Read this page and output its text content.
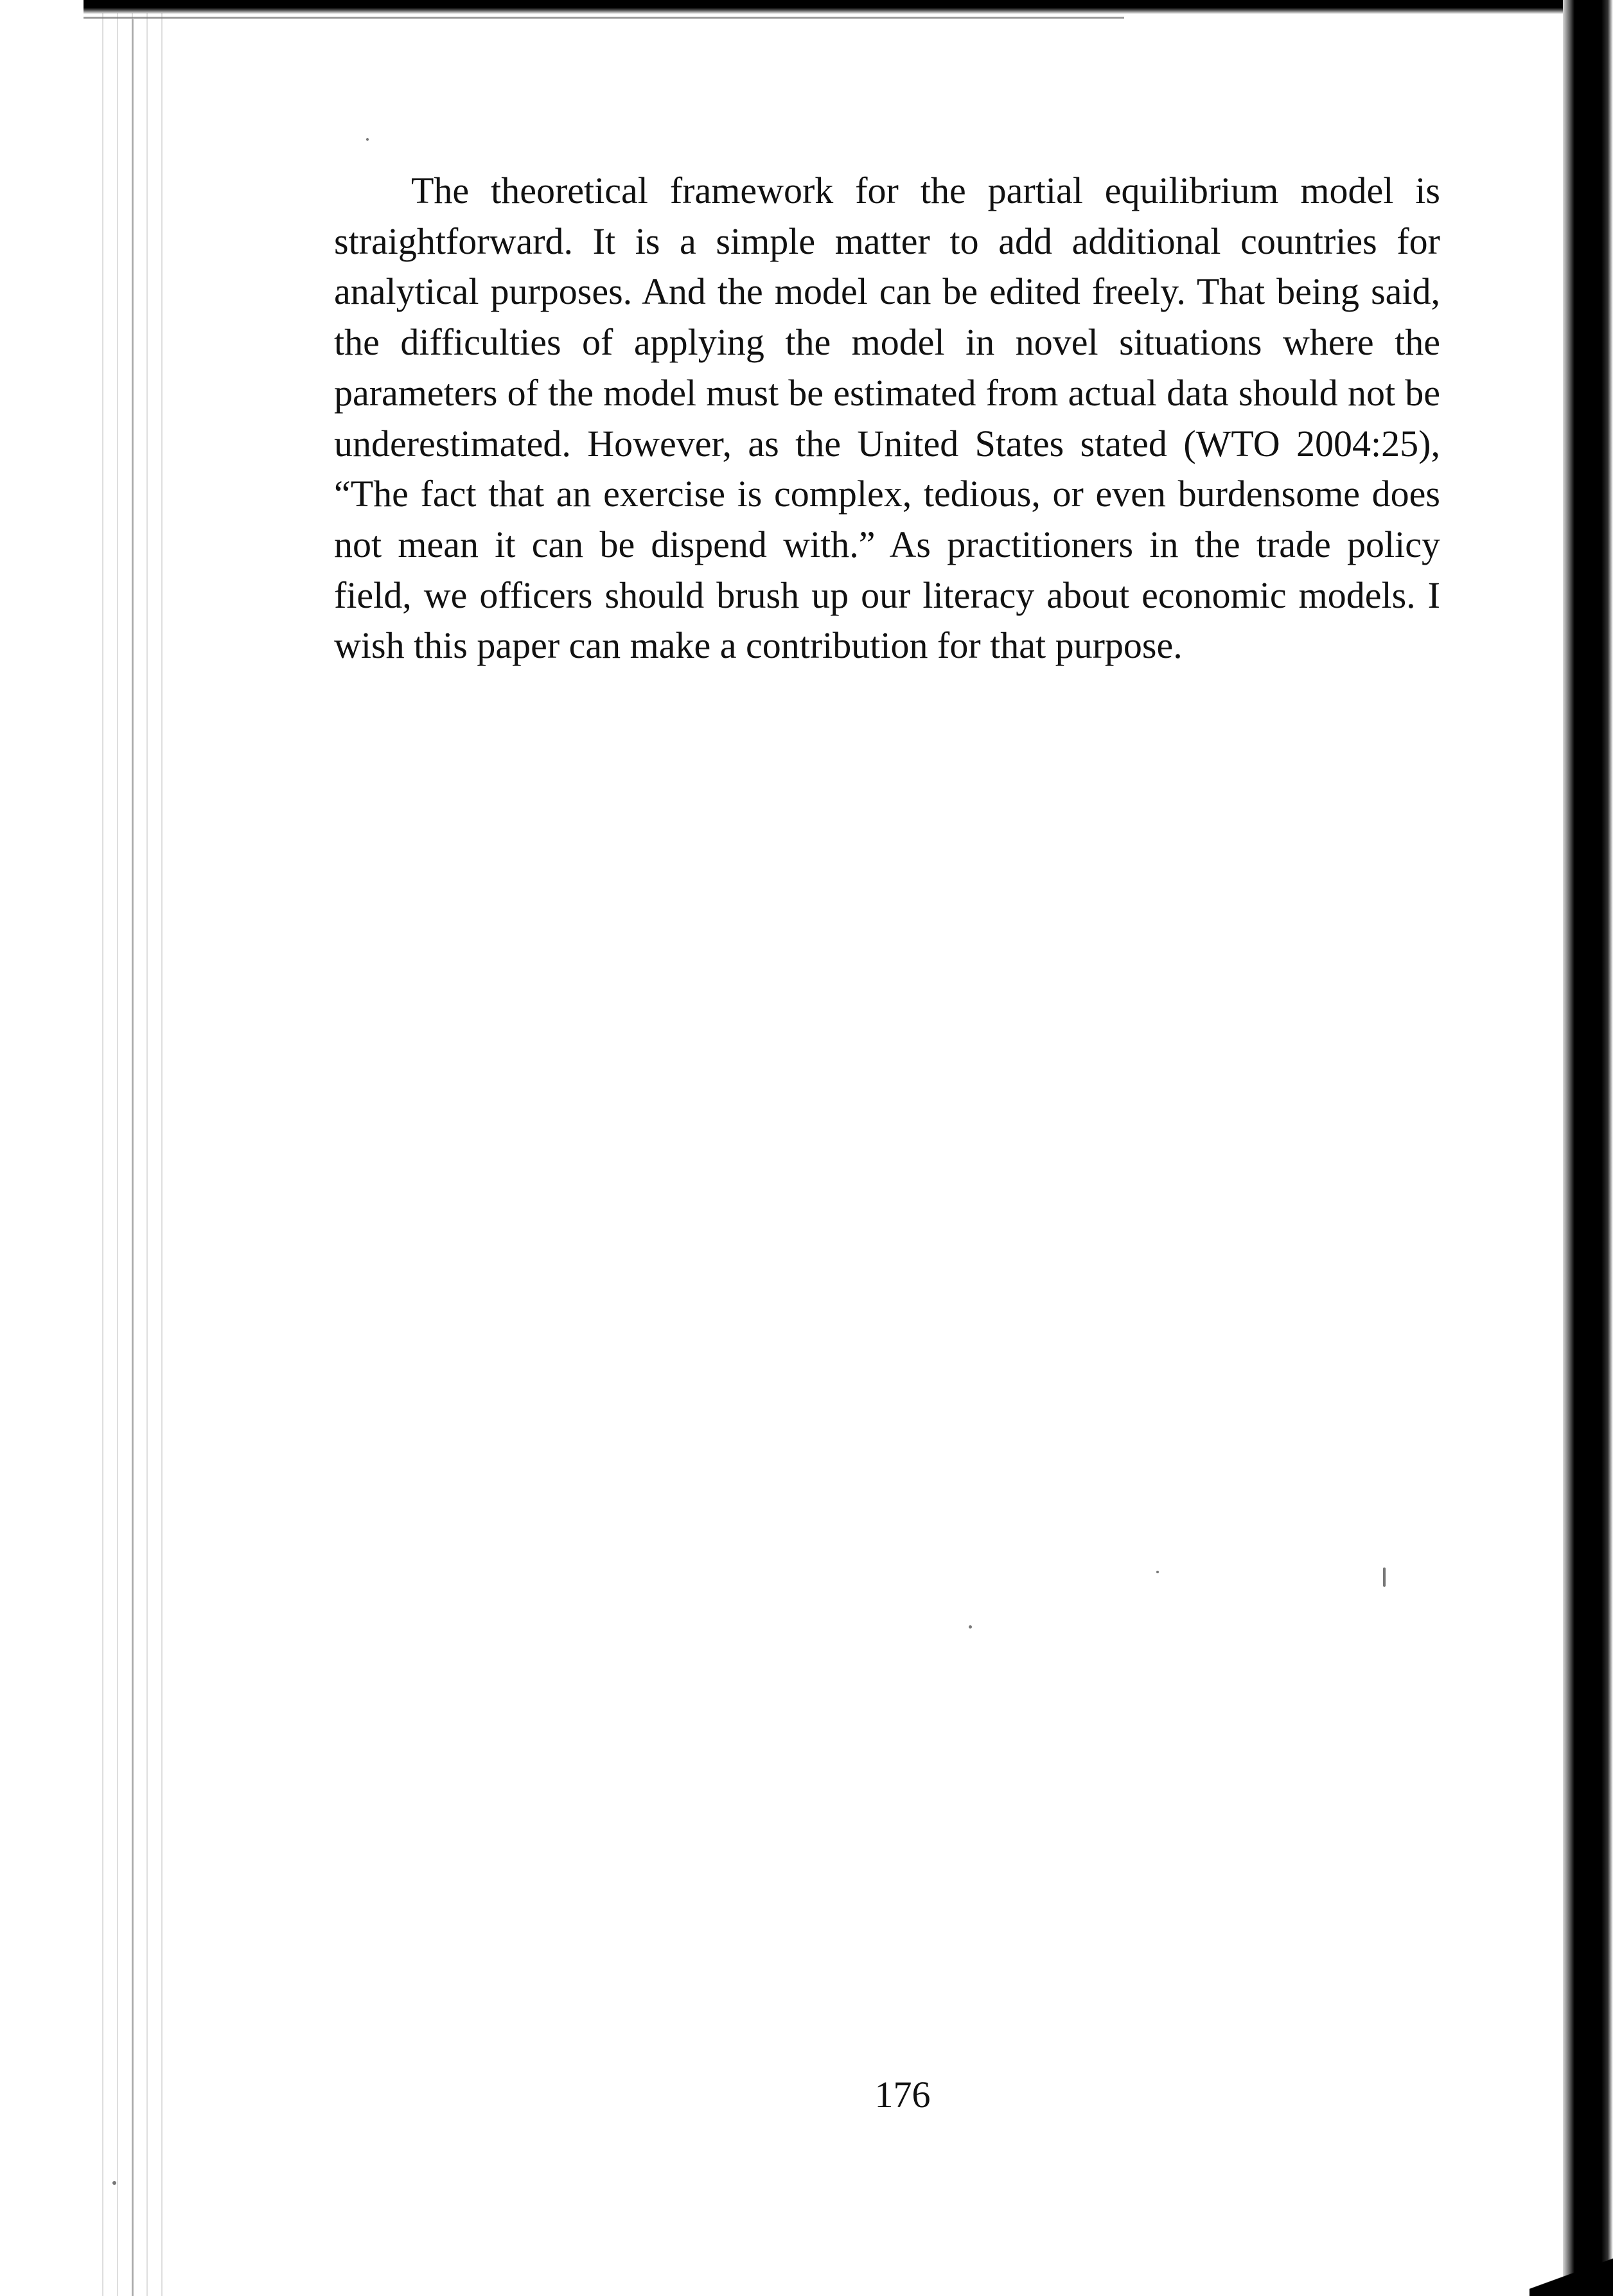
The theoretical framework for the partial equilibrium model is straightforward. It is a simple matter to add additional countries for analytical purposes. And the model can be edited freely. That being said, the difficulties of applying the model in novel situations where the parameters of the model must be estimated from actual data should not be underestimated. However, as the United States stated (WTO 2004:25), “The fact that an exercise is complex, tedious, or even burdensome does not mean it can be dispend with.” As practitioners in the trade policy field, we officers should brush up our literacy about economic models. I wish this paper can make a contribution for that purpose.

176
